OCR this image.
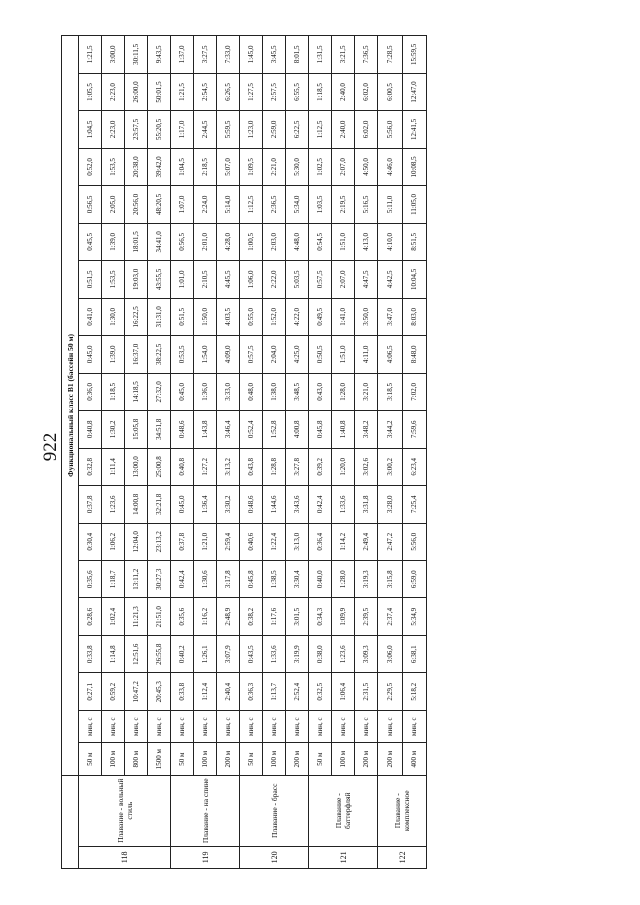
922
		Функциональный класс В1 (бассейн 50 м)																			
118	Плавание - вольный стиль	50 м	мин, с	0:27,1	0:33,8	0:28,6	0:35,6	0:30,4	0:37,8	0:32,8	0:40,8	0:36,0	0:45,0	0:41,0	0:51,5	0:45,5	0:56,5	0:52,0	1:04,5	1:05,5	1:21,5
		100 м	мин, с	0:59,2	1:14,8	1:02,4	1:18,7	1:06,2	1:23,6	1:11,4	1:30,2	1:18,5	1:39,0	1:30,0	1:53,5	1:39,0	2:05,0	1:53,5	2:23,0	2:23,0	3:00,0
		800 м	мин, с	10:47,2	12:51,6	11:21,3	13:11,2	12:04,0	14:00,8	13:00,0	15:05,8	14:18,5	16:37,0	16:22,5	19:03,0	18:01,5	20:56,0	20:38,0	23:57,5	26:00,0	30:11,5
		1500 м	мин, с	20:45,3	26:55,8	21:51,0	30:27,3	23:13,2	32:21,8	25:00,8	34:51,8	27:32,0	38:22,5	31:31,0	43:55,5	34:41,0	48:20,5	39:42,0	55:20,5	50:01,5	9:43,5
119	Плавание - на спине	50 м	мин, с	0:33,8	0:40,2	0:35,6	0:42,4	0:37,8	0:45,0	0:40,8	0:48,6	0:45,0	0:53,5	0:51,5	1:01,0	0:56,5	1:07,0	1:04,5	1:17,0	1:21,5	1:37,0
		100 м	мин, с	1:12,4	1:26,1	1:16,2	1:30,6	1:21,0	1:36,4	1:27,2	1:43,8	1:36,0	1:54,0	1:50,0	2:10,5	2:01,0	2:24,0	2:18,5	2:44,5	2:54,5	3:27,5
		200 м	мин, с	2:40,4	3:07,9	2:48,9	3:17,8	2:59,4	3:30,2	3:13,2	3:46,4	3:33,0	4:09,0	4:03,5	4:45,5	4:28,0	5:14,0	5:07,0	5:59,5	6:26,5	7:33,0
120	Плавание - брасс	50 м	мин, с	0:36,3	0:43,5	0:38,2	0:45,8	0:40,6	0:48,6	0:43,8	0:52,4	0:48,0	0:57,5	0:55,0	1:06,0	1:00,5	1:12,5	1:09,5	1:23,0	1:27,5	1:45,0
		100 м	мин, с	1:13,7	1:33,6	1:17,6	1:38,5	1:22,4	1:44,6	1:28,8	1:52,8	1:38,0	2:04,0	1:52,0	2:22,0	2:03,0	2:36,5	2:21,0	2:59,0	2:57,5	3:45,5
		200 м	мин, с	2:52,4	3:19,9	3:01,5	3:30,4	3:13,0	3:43,6	3:27,8	4:00,8	3:48,5	4:25,0	4:22,0	5:03,5	4:48,0	5:34,0	5:30,0	6:22,5	6:55,5	8:01,5
121	Плавание - баттерфляй	50 м	мин, с	0:32,5	0:38,0	0:34,3	0:40,0	0:36,4	0:42,4	0:39,2	0:45,8	0:43,0	0:50,5	0:49,5	0:57,5	0:54,5	1:03,5	1:02,5	1:12,5	1:18,5	1:31,5
		100 м	мин, с	1:06,4	1:23,6	1:09,9	1:28,0	1:14,2	1:33,6	1:20,0	1:40,8	1:28,0	1:51,0	1:41,0	2:07,0	1:51,0	2:19,5	2:07,0	2:40,0	2:40,0	3:21,5
		200 м	мин, с	2:31,5	3:09,3	2:39,5	3:19,3	2:49,4	3:31,8	3:02,6	3:48,2	3:21,0	4:11,0	3:50,0	4:47,5	4:13,0	5:16,5	4:50,0	6:02,0	6:02,0	7:36,5
122	Плавание - комплексное	200 м	мин, с	2:29,5	3:06,0	2:37,4	3:15,8	2:47,2	3:28,0	3:00,2	3:44,2	3:18,5	4:06,5	3:47,0	4:42,5	4:10,0	5:11,0	4:46,0	5:56,0	6:00,5	7:28,5
		400 м	мин, с	5:18,2	6:38,1	5:34,9	6:59,0	5:56,0	7:25,4	6:23,4	7:59,6	7:02,0	8:48,0	8:03,0	10:04,5	8:51,5	11:05,0	10:08,5	12:41,5	12:47,0	15:59,5
